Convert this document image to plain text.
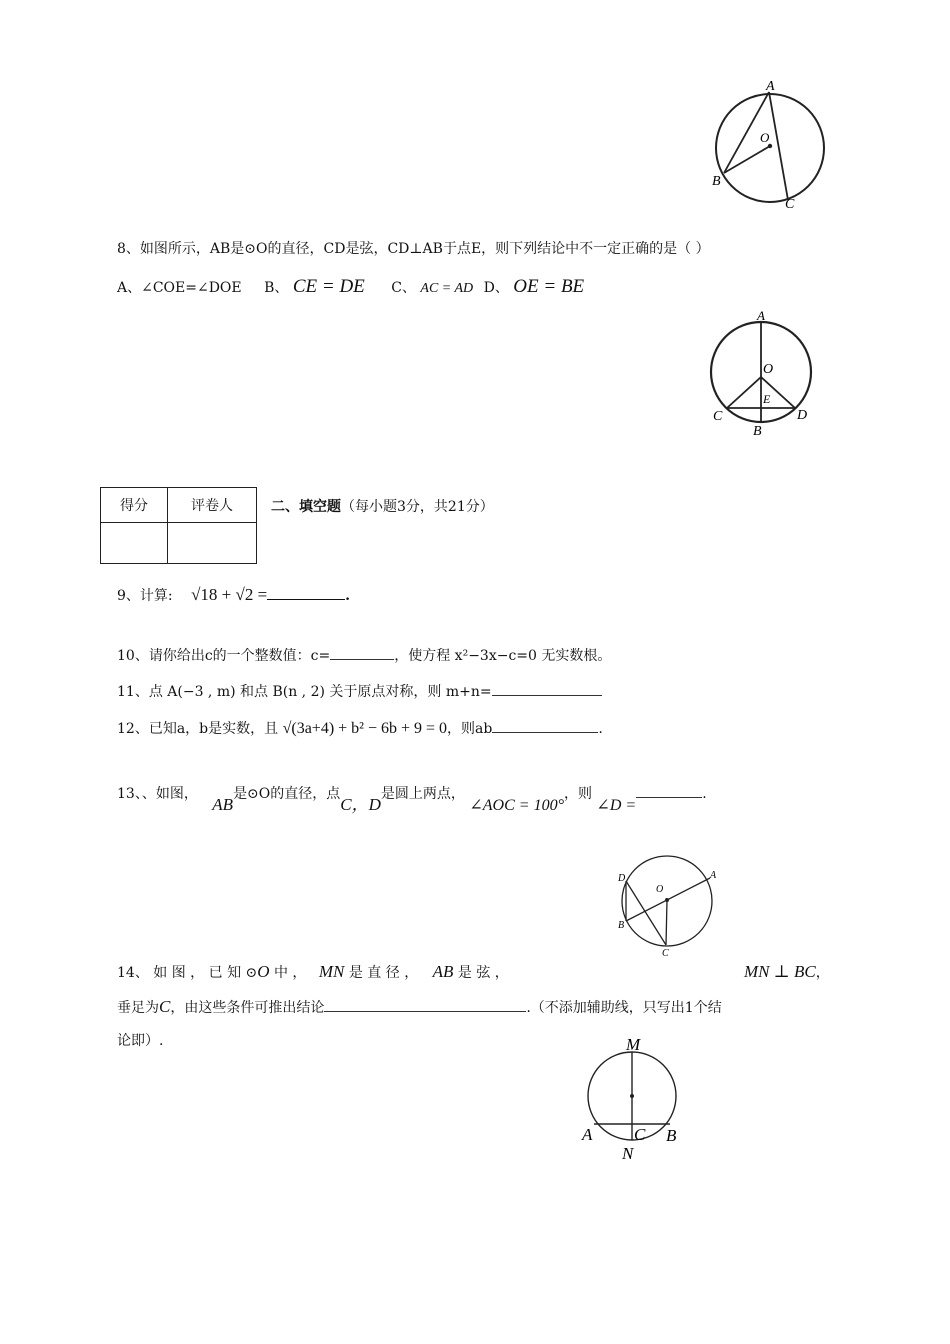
A
O
B
C
8、如图所示，AB是⊙O的直径，CD是弦，CD⊥AB于点E，则下列结论中不一定正确的是（ ）
A、∠COE=∠DOE B、 CE = DE C、 AC = AD D、 OE = BE
A
O
E
C	D
B
得分	评卷人
		二、填空题（每小题3分，共21分）
9、计算: √18 + √2 =	.
10、请你给出c的一个整数值：c=	，使方程 x²−3x−c=0 无实数根。
11、点 A(−3 , m) 和点 B(n , 2) 关于原点对称，则 m+n=
12、已知a，b是实数，且 √(3a+4) + b² − 6b + 9 = 0，则ab	.
13、、如图， AB是⊙O的直径，点C，D是圆上两点， ∠AOC = 100°，则 ∠D =.
D
O
A
B
C
14、 如 图 ， 已 知 ⊙O 中 ， MN 是 直 径 ， AB 是 弦 ，	MN ⊥ BC，
垂足为C，由这些条件可推出结论	.（不添加辅助线，只写出1个结
论即）.	M
A C B
N
